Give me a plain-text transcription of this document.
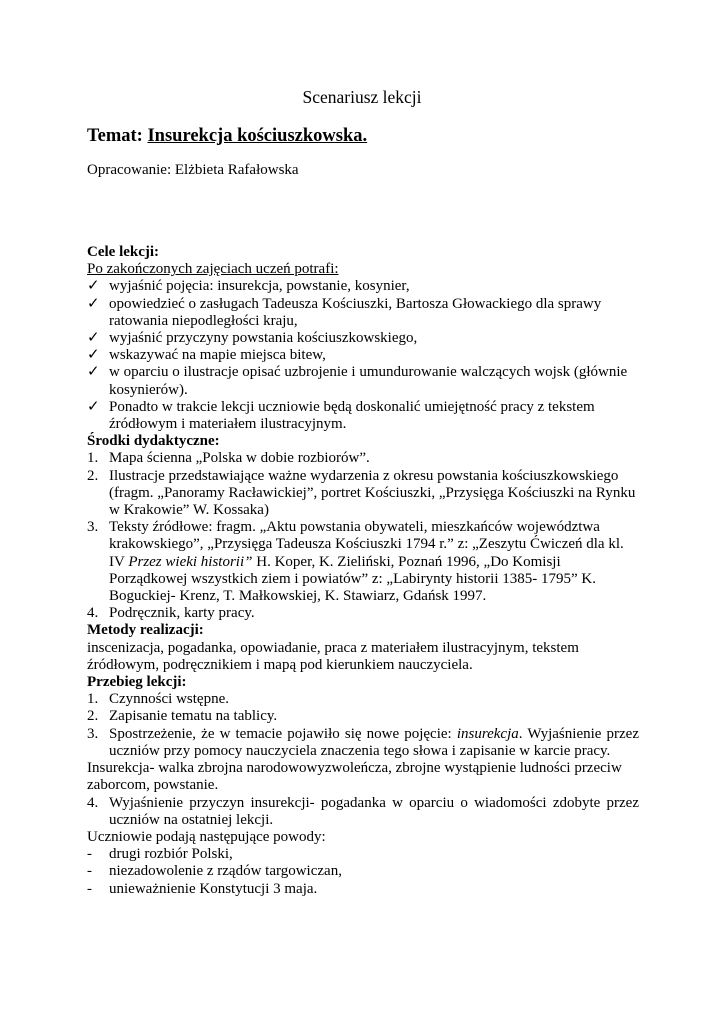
Scenariusz lekcji
Temat: Insurekcja kościuszkowska.
Opracowanie: Elżbieta Rafałowska

Cele lekcji:

Po zakończonych zajęciach uczeń potrafi:

✓ wyjaśnić pojęcia: insurekcja, powstanie, kosynier,
✓ opowiedzieć o zasługach Tadeusza Kościuszki, Bartosza Głowackiego dla sprawy ratowania niepodległości kraju,
✓ wyjaśnić przyczyny powstania kościuszkowskiego,
✓ wskazywać na mapie miejsca bitew,
✓ w oparciu o ilustracje opisać uzbrojenie i umundurowanie walczących wojsk (głównie kosynierów).
✓ Ponadto w trakcie lekcji uczniowie będą doskonalić umiejętność pracy z tekstem źródłowym i materiałem ilustracyjnym.

Środki dydaktyczne:

1. Mapa ścienna „Polska w dobie rozbiorów”.
2. Ilustracje przedstawiające ważne wydarzenia z okresu powstania kościuszkowskiego (fragm. „Panoramy Racławickiej”, portret Kościuszki, „Przysięga Kościuszki na Rynku w Krakowie” W. Kossaka)
3. Teksty źródłowe: fragm. „Aktu powstania obywateli, mieszkańców województwa krakowskiego”, „Przysięga Tadeusza Kościuszki 1794 r.” z: „Zeszytu Ćwiczeń dla kl. IV Przez wieki historii” H. Koper, K. Zieliński, Poznań 1996, „Do Komisji Porządkowej wszystkich ziem i powiatów” z: „Labirynty historii 1385- 1795” K. Boguckiej- Krenz, T. Małkowskiej, K. Stawiarz, Gdańsk 1997.
4. Podręcznik, karty pracy.

Metody realizacji:

inscenizacja, pogadanka, opowiadanie, praca z materiałem ilustracyjnym, tekstem źródłowym, podręcznikiem i mapą pod kierunkiem nauczyciela.

Przebieg lekcji:

1. Czynności wstępne.
2. Zapisanie tematu na tablicy.
3. Spostrzeżenie, że w temacie pojawiło się nowe pojęcie: insurekcja. Wyjaśnienie przez uczniów przy pomocy nauczyciela znaczenia tego słowa i zapisanie w karcie pracy.

Insurekcja- walka zbrojna narodowowyzwoleńcza, zbrojne wystąpienie ludności przeciw zaborcom, powstanie.

4. Wyjaśnienie przyczyn insurekcji- pogadanka w oparciu o wiadomości zdobyte przez uczniów na ostatniej lekcji.

Uczniowie podają następujące powody:

- drugi rozbiór Polski,
- niezadowolenie z rządów targowiczan,
- unieważnienie Konstytucji 3 maja.
